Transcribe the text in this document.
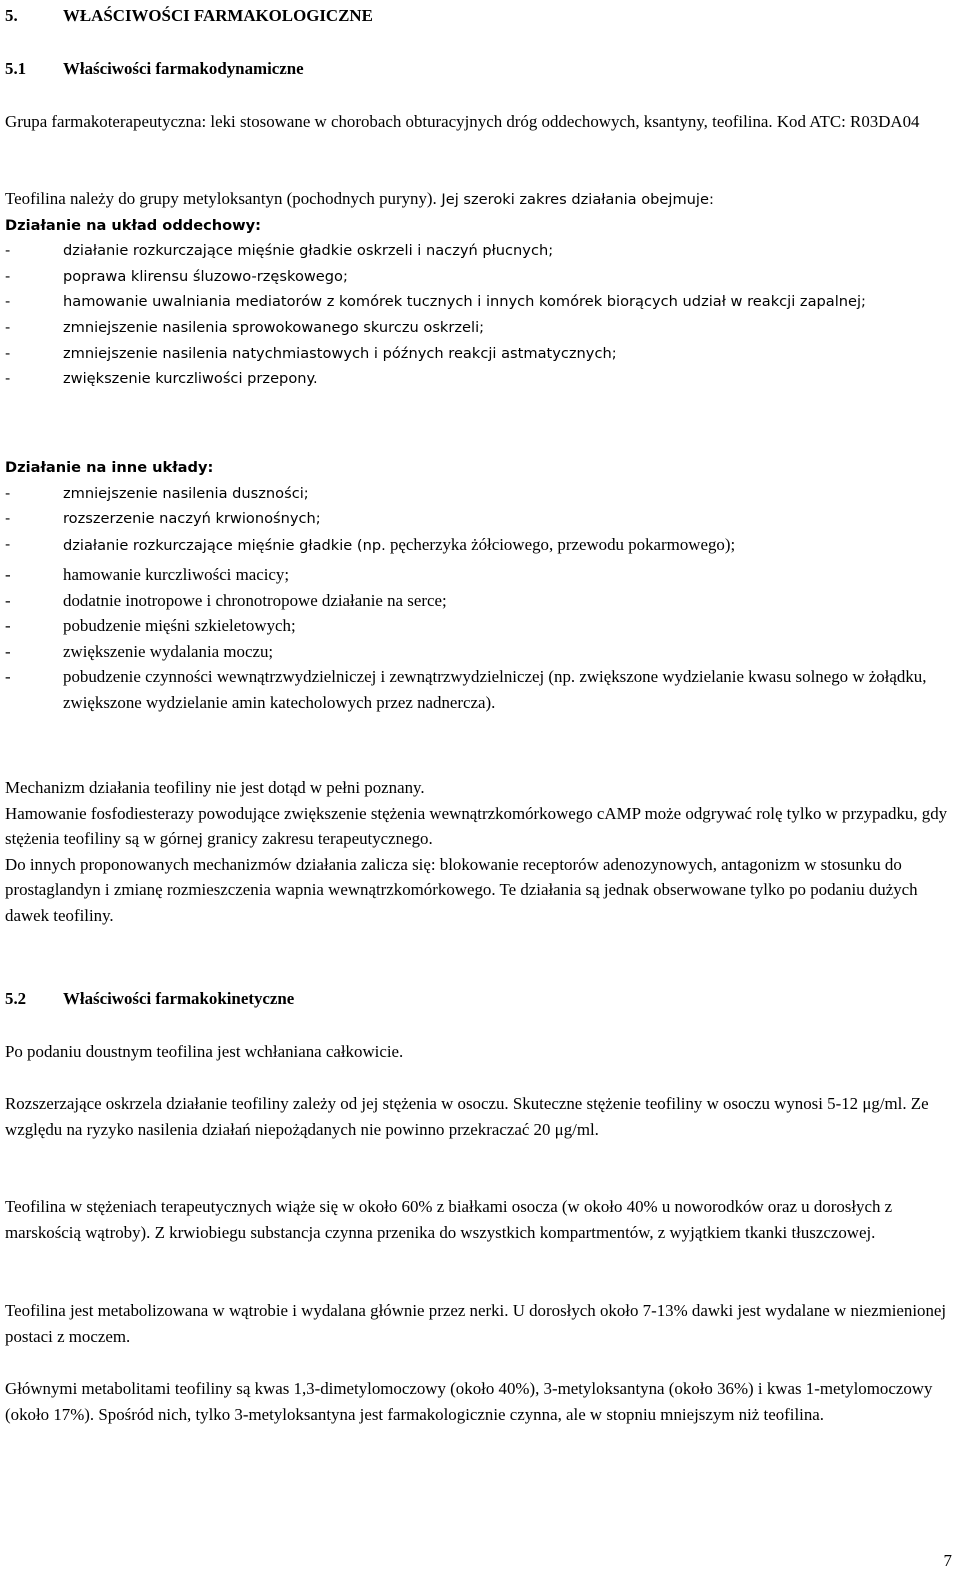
5.	WŁAŚCIWOŚCI FARMAKOLOGICZNE
5.1 Właściwości farmakodynamiczne
Grupa farmakoterapeutyczna: leki stosowane w chorobach obturacyjnych dróg oddechowych, ksantyny, teofilina. Kod ATC: R03DA04
Teofilina należy do grupy metyloksantyn (pochodnych puryny). Jej szeroki zakres działania obejmuje:
Działanie na układ oddechowy:
-	działanie rozkurczające mięśnie gładkie oskrzeli i naczyń płucnych;
-	poprawa klirensu śluzowo-rzęskowego;
-	hamowanie uwalniania mediatorów z komórek tucznych i innych komórek biorących udział w reakcji zapalnej;
-	zmniejszenie nasilenia sprowokowanego skurczu oskrzeli;
-	zmniejszenie nasilenia natychmiastowych i późnych reakcji astmatycznych;
-	zwiększenie kurczliwości przepony.
Działanie na inne układy:
-	zmniejszenie nasilenia duszności;
-	rozszerzenie naczyń krwionośnych;
-	działanie rozkurczające mięśnie gładkie (np. pęcherzyka żółciowego, przewodu pokarmowego);
-	hamowanie kurczliwości macicy;
-	dodatnie inotropowe i chronotropowe działanie na serce;
-	pobudzenie mięśni szkieletowych;
-	zwiększenie wydalania moczu;
-	pobudzenie czynności wewnątrzwydzielniczej i zewnątrzwydzielniczej (np. zwiększone wydzielanie kwasu solnego w żołądku, zwiększone wydzielanie amin katecholowych przez nadnercza).
Mechanizm działania teofiliny nie jest dotąd w pełni poznany.
Hamowanie fosfodiesterazy powodujące zwiększenie stężenia wewnątrzkomórkowego cAMP może odgrywać rolę tylko w przypadku, gdy stężenia teofiliny są w górnej granicy zakresu terapeutycznego.
Do innych proponowanych mechanizmów działania zalicza się: blokowanie receptorów adenozynowych, antagonizm w stosunku do prostaglandyn i zmianę rozmieszczenia wapnia wewnątrzkomórkowego. Te działania są jednak obserwowane tylko po podaniu dużych dawek teofiliny.
5.2 Właściwości farmakokinetyczne
Po podaniu doustnym teofilina jest wchłaniana całkowicie.
Rozszerzające oskrzela działanie teofiliny zależy od jej stężenia w osoczu. Skuteczne stężenie teofiliny w osoczu wynosi 5-12 μg/ml. Ze względu na ryzyko nasilenia działań niepożądanych nie powinno przekraczać 20 μg/ml.
Teofilina w stężeniach terapeutycznych wiąże się w około 60% z białkami osocza (w około 40% u noworodków oraz u dorosłych z marskością wątroby). Z krwiobiegu substancja czynna przenika do wszystkich kompartmentów, z wyjątkiem tkanki tłuszczowej.
Teofilina jest metabolizowana w wątrobie i wydalana głównie przez nerki. U dorosłych około 7-13% dawki jest wydalane w niezmienionej postaci z moczem.
Głównymi metabolitami teofiliny są kwas 1,3-dimetylomoczowy (około 40%), 3-metyloksantyna (około 36%) i kwas 1-metylomoczowy (około 17%). Spośród nich, tylko 3-metyloksantyna jest farmakologicznie czynna, ale w stopniu mniejszym niż teofilina.
7
